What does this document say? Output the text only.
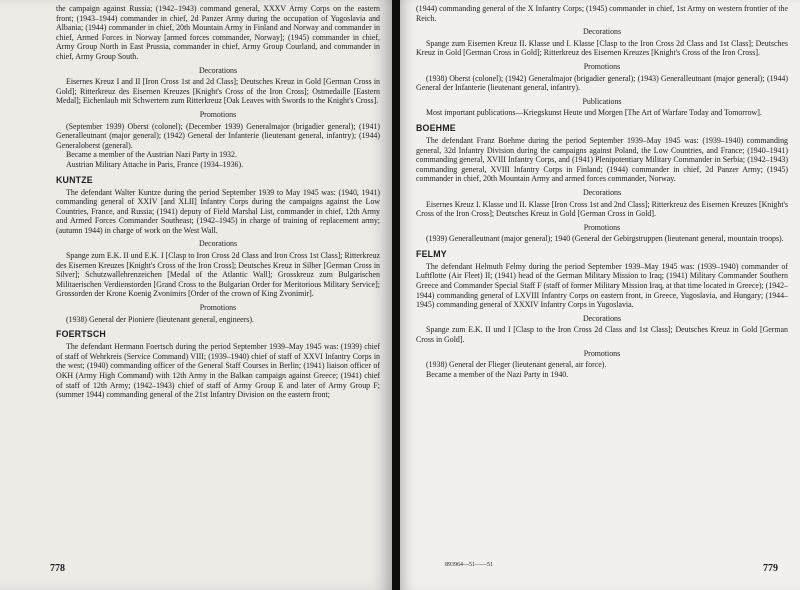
the campaign against Russia; (1942–1943) command general, XXXV Army Corps on the eastern front; (1943–1944) commander in chief, 2d Panzer Army during the occupation of Yugoslavia and Albania; (1944) commander in chief, 20th Mountain Army in Finland and Norway and commander in chief, Armed Forces in Norway [armed forces commander, Norway]; (1945) commander in chief, Army Group North in East Prussia, commander in chief, Army Group Courland, and commander in chief, Army Group South.

Decorations

Eisernes Kreuz I and II [Iron Cross 1st and 2d Class]; Deutsches Kreuz in Gold [German Cross in Gold]; Ritterkreuz des Eisernen Kreuzes [Knight's Cross of the Iron Cross]; Ostmedaille [Eastern Medal]; Eichenlaub mit Schwertern zum Ritterkreuz [Oak Leaves with Swords to the Knight's Cross].

Promotions

(September 1939) Oberst (colonel); (December 1939) Generalmajor (brigadier general); (1941) Generalleutnant (major general); (1942) General der Infanterie (lieutenant general, infantry); (1944) Generaloberst (general).

Became a member of the Austrian Nazi Party in 1932.

Austrian Military Attache in Paris, France (1934–1936).

KUNTZE

The defendant Walter Kuntze during the period September 1939 to May 1945 was: (1940, 1941) commanding general of XXIV [and XLII] Infantry Corps during the campaigns against the Low Countries, France, and Russia; (1941) deputy of Field Marshal List, commander in chief, 12th Army and Armed Forces Commander Southeast; (1942–1945) in charge of training of replacement army; (autumn 1944) in charge of work on the West Wall.

Decorations

Spange zum E.K. II und E.K. I [Clasp to Iron Cross 2d Class and Iron Cross 1st Class]; Ritterkreuz des Eisernen Kreuzes [Knight's Cross of the Iron Cross]; Deutsches Kreuz in Silber [German Cross in Silver]; Schutzwallehrenzeichen [Medal of the Atlantic Wall]; Grosskreuz zum Bulgarischen Militaerischen Verdienstorden [Grand Cross to the Bulgarian Order for Meritorious Military Service]; Grossorden der Krone Koenig Zvonimirs [Order of the crown of King Zvonimir].

Promotions

(1938) General der Pioniere (lieutenant general, engineers).

FOERTSCH

The defendant Hermann Foertsch during the period September 1939–May 1945 was: (1939) chief of staff of Wehrkreis (Service Command) VIII; (1939–1940) chief of staff of XXVI Infantry Corps in the west; (1940) commanding officer of the General Staff Courses in Berlin; (1941) liaison officer of OKH (Army High Command) with 12th Army in the Balkan campaign against Greece; (1941) chief of staff of 12th Army; (1942–1943) chief of staff of Army Group E and later of Army Group F; (summer 1944) commanding general of the 21st Infantry Division on the eastern front;

778

(1944) commanding general of the X Infantry Corps; (1945) commander in chief, 1st Army on western frontier of the Reich.

Decorations

Spange zum Eisernen Kreuz II. Klasse und I. Klasse [Clasp to the Iron Cross 2d Class and 1st Class]; Deutsches Kreuz in Gold [German Cross in Gold]; Ritterkreuz des Eisernen Kreuzes [Knight's Cross of the Iron Cross].

Promotions

(1938) Oberst (colonel); (1942) Generalmajor (brigadier general); (1943) Generalleutnant (major general); (1944) General der Infanterie (lieutenant general, infantry).

Publications

Most important publications—Kriegskunst Heute und Morgen [The Art of Warfare Today and Tomorrow].

BOEHME

The defendant Franz Boehme during the period September 1939–May 1945 was: (1939–1940) commanding general, 32d Infantry Division during the campaigns against Poland, the Low Countries, and France; (1940–1941) commanding general, XVIII Infantry Corps, and (1941) Plenipotentiary Military Commander in Serbia; (1942–1943) commanding general, XVIII Infantry Corps in Finland; (1944) commander in chief, 2d Panzer Army; (1945) commander in chief, 20th Mountain Army and armed forces commander, Norway.

Decorations

Eisernes Kreuz I. Klasse und II. Klasse [Iron Cross 1st and 2nd Class]; Ritterkreuz des Eisernen Kreuzes [Knight's Cross of the Iron Cross]; Deutsches Kreuz in Gold [German Cross in Gold].

Promotions

(1939) Generalleutnant (major general); 1940 (General der Gebirgstruppen (lieutenant general, mountain troops).

FELMY

The defendant Helmuth Felmy during the period September 1939–May 1945 was: (1939–1940) commander of Luftflotte (Air Fleet) II; (1941) head of the German Military Mission to Iraq; (1941) Military Commander Southern Greece and Commander Special Staff F (staff of former Military Mission Iraq, at that time located in Greece); (1942–1944) commanding general of LXVIII Infantry Corps on eastern front, in Greece, Yugoslavia, and Hungary; (1944–1945) commanding general of XXXIV Infantry Corps in Yugoslavia.

Decorations

Spange zum E.K. II und I [Clasp to the Iron Cross 2d Class and 1st Class]; Deutsches Kreuz in Gold [German Cross in Gold].

Promotions

(1938) General der Flieger (lieutenant general, air force).

Became a member of the Nazi Party in 1940.

893964—51——51	779
